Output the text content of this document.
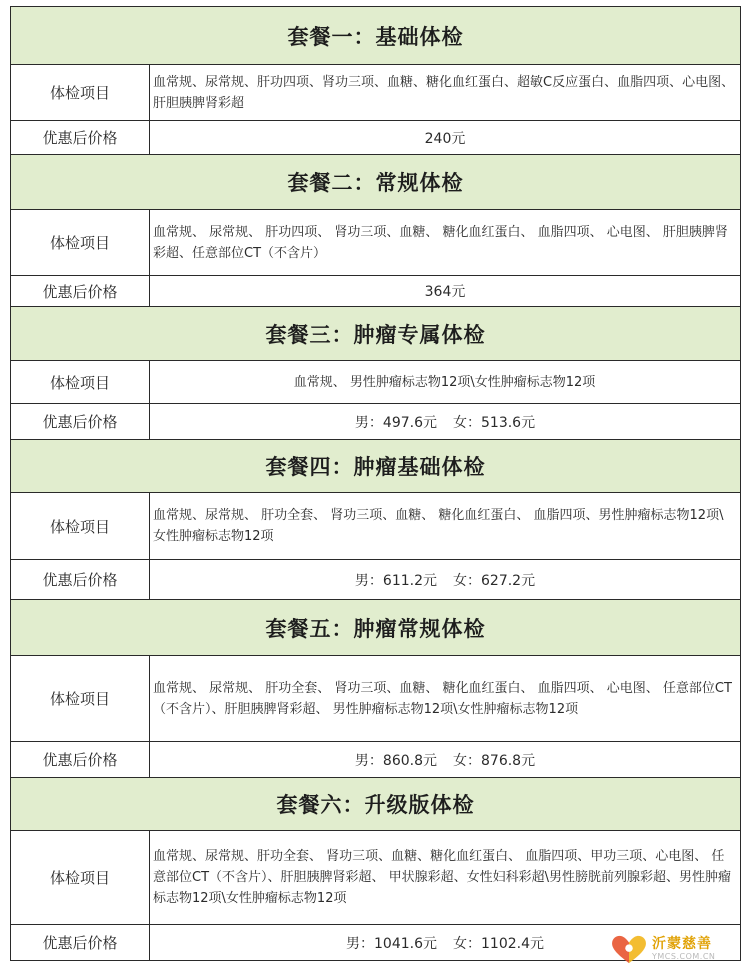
套餐一：基础体检	
体检项目	血常规、尿常规、肝功四项、肾功三项、血糖、糖化血红蛋白、超敏C反应蛋白、血脂四项、心电图、 肝胆胰脾肾彩超
优惠后价格	240元
套餐二：常规体检	
体检项目	血常规、 尿常规、 肝功四项、 肾功三项、血糖、 糖化血红蛋白、 血脂四项、 心电图、 肝胆胰脾肾彩超、任意部位CT（不含片）
优惠后价格	364元
套餐三：肿瘤专属体检	
体检项目	血常规、 男性肿瘤标志物12项\女性肿瘤标志物12项
优惠后价格	男：497.6元 女：513.6元
套餐四：肿瘤基础体检	
体检项目	血常规、尿常规、 肝功全套、 肾功三项、血糖、 糖化血红蛋白、 血脂四项、男性肿瘤标志物12项\ 女性肿瘤标志物12项
优惠后价格	男：611.2元 女：627.2元
套餐五：肿瘤常规体检	
体检项目	血常规、 尿常规、 肝功全套、 肾功三项、血糖、 糖化血红蛋白、 血脂四项、 心电图、 任意部位CT（不含片）、肝胆胰脾肾彩超、 男性肿瘤标志物12项\女性肿瘤标志物12项
优惠后价格	男：860.8元 女：876.8元
套餐六：升级版体检	
体检项目	血常规、尿常规、肝功全套、 肾功三项、血糖、糖化血红蛋白、 血脂四项、甲功三项、心电图、 任意部位CT（不含片）、肝胆胰脾肾彩超、 甲状腺彩超、女性妇科彩超\男性膀胱前列腺彩超、男性肿瘤标志物12项\女性肿瘤标志物12项
优惠后价格	男：1041.6元 女：1102.4元	沂蒙慈善
YMCS.COM.CN
